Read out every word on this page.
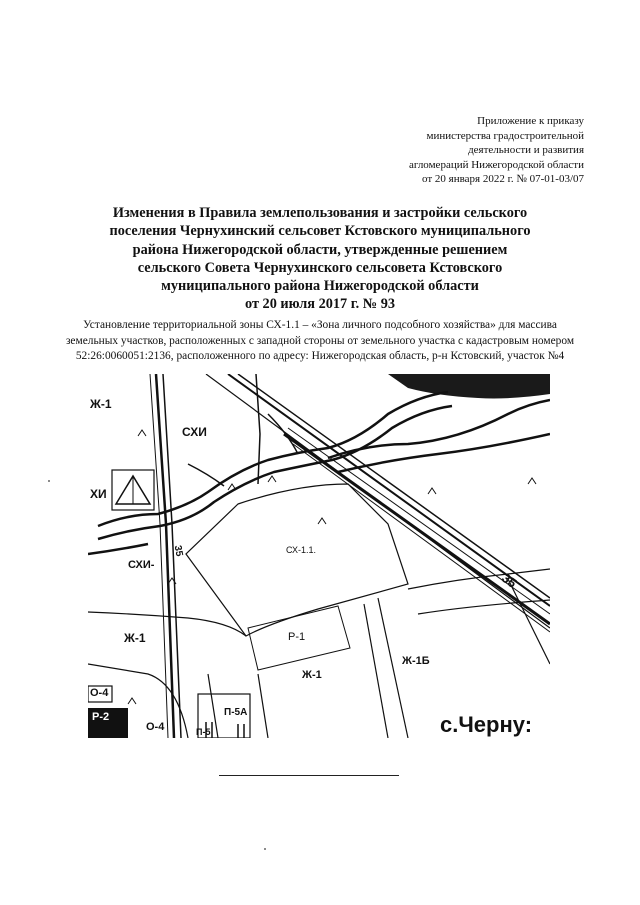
Приложение к приказу
министерства градостроительной
деятельности и развития
агломераций Нижегородской области
от 20 января 2022 г. № 07-01-03/07
Изменения в Правила землепользования и застройки сельского
поселения Чернухинский сельсовет Кстовского муниципального
района Нижегородской области, утвержденные решением
сельского Совета Чернухинского сельсовета Кстовского
муниципального района Нижегородской области
от 20 июля 2017 г. № 93
Установление территориальной зоны СХ-1.1 – «Зона личного подсобного хозяйства» для массива
земельных участков, расположенных с западной стороны от земельного участка с кадастровым номером
52:26:0060051:2136, расположенного по адресу: Нижегородская область, р-н Кстовский, участок №4
Ж-1
СХИ
ХИ
СХИ-
35
35
СХ-1.1.
Ж-1	Р-1
Ж-1
Ж-1Б
О-4
Р-2
О-4
П-5А
П-5	с.Черну:
